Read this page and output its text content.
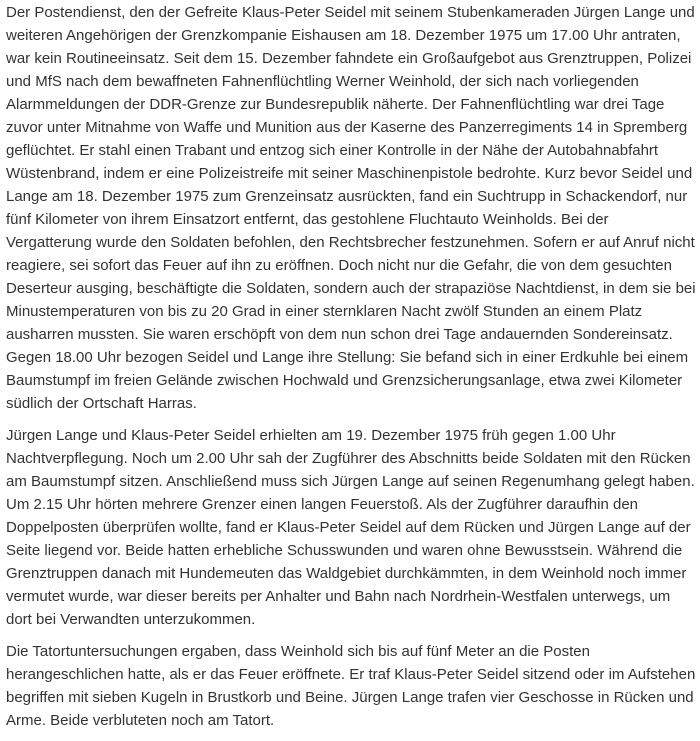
Der Postendienst, den der Gefreite Klaus-Peter Seidel mit seinem Stubenkameraden Jürgen Lange und weiteren Angehörigen der Grenzkompanie Eishausen am 18. Dezember 1975 um 17.00 Uhr antraten, war kein Routineeinsatz. Seit dem 15. Dezember fahndete ein Großaufgebot aus Grenztruppen, Polizei und MfS nach dem bewaffneten Fahnenflüchtling Werner Weinhold, der sich nach vorliegenden Alarmmeldungen der DDR-Grenze zur Bundesrepublik näherte. Der Fahnenflüchtling war drei Tage zuvor unter Mitnahme von Waffe und Munition aus der Kaserne des Panzerregiments 14 in Spremberg geflüchtet. Er stahl einen Trabant und entzog sich einer Kontrolle in der Nähe der Autobahnabfahrt Wüstenbrand, indem er eine Polizeistreife mit seiner Maschinenpistole bedrohte. Kurz bevor Seidel und Lange am 18. Dezember 1975 zum Grenzeinsatz ausrückten, fand ein Suchtrupp in Schackendorf, nur fünf Kilometer von ihrem Einsatzort entfernt, das gestohlene Fluchtauto Weinholds. Bei der Vergatterung wurde den Soldaten befohlen, den Rechtsbrecher festzunehmen. Sofern er auf Anruf nicht reagiere, sei sofort das Feuer auf ihn zu eröffnen. Doch nicht nur die Gefahr, die von dem gesuchten Deserteur ausging, beschäftigte die Soldaten, sondern auch der strapaziöse Nachtdienst, in dem sie bei Minustemperaturen von bis zu 20 Grad in einer sternklaren Nacht zwölf Stunden an einem Platz ausharren mussten. Sie waren erschöpft von dem nun schon drei Tage andauernden Sondereinsatz. Gegen 18.00 Uhr bezogen Seidel und Lange ihre Stellung: Sie befand sich in einer Erdkuhle bei einem Baumstumpf im freien Gelände zwischen Hochwald und Grenzsicherungsanlage, etwa zwei Kilometer südlich der Ortschaft Harras.

Jürgen Lange und Klaus-Peter Seidel erhielten am 19. Dezember 1975 früh gegen 1.00 Uhr Nachtverpflegung. Noch um 2.00 Uhr sah der Zugführer des Abschnitts beide Soldaten mit den Rücken am Baumstumpf sitzen. Anschließend muss sich Jürgen Lange auf seinen Regenumhang gelegt haben. Um 2.15 Uhr hörten mehrere Grenzer einen langen Feuerstoß. Als der Zugführer daraufhin den Doppelposten überprüfen wollte, fand er Klaus-Peter Seidel auf dem Rücken und Jürgen Lange auf der Seite liegend vor. Beide hatten erhebliche Schusswunden und waren ohne Bewusstsein. Während die Grenztruppen danach mit Hundemeuten das Waldgebiet durchkämmten, in dem Weinhold noch immer vermutet wurde, war dieser bereits per Anhalter und Bahn nach Nordrhein-Westfalen unterwegs, um dort bei Verwandten unterzukommen.

Die Tatortuntersuchungen ergaben, dass Weinhold sich bis auf fünf Meter an die Posten herangeschlichen hatte, als er das Feuer eröffnete. Er traf Klaus-Peter Seidel sitzend oder im Aufstehen begriffen mit sieben Kugeln in Brustkorb und Beine. Jürgen Lange trafen vier Geschosse in Rücken und Arme. Beide verbluteten noch am Tatort.
